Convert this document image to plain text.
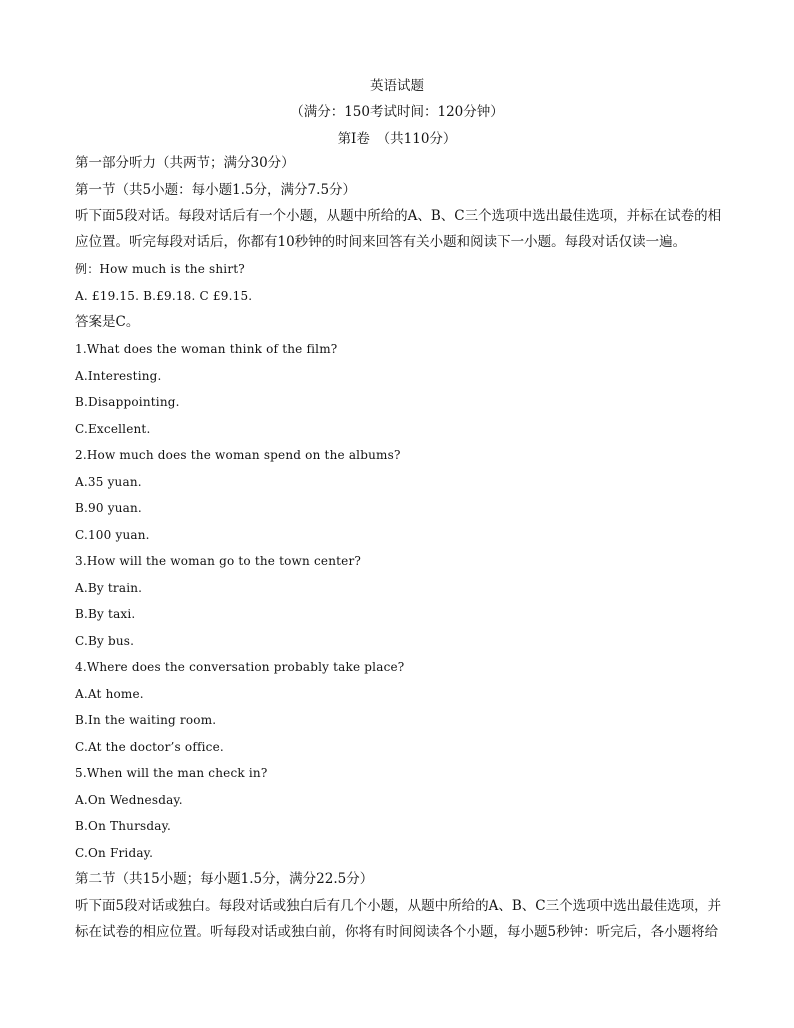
英语试题
（满分：150考试时间：120分钟）
第I卷　（共110分）
第一部分听力（共两节；满分30分）
第一节（共5小题：每小题1.5分，满分7.5分）
听下面5段对话。每段对话后有一个小题，从题中所给的A、B、C三个选项中选出最佳选项，并标在试卷的相
应位置。听完每段对话后，你都有10秒钟的时间来回答有关小题和阅读下一小题。每段对话仅读一遍。
例：How much is the shirt?
A. £19.15. B.£9.18. C £9.15.
答案是C。
1.What does the woman think of the film?
A.Interesting.
B.Disappointing.
C.Excellent.
2.How much does the woman spend on the albums?
A.35 yuan.
B.90 yuan.
C.100 yuan.
3.How will the woman go to the town center?
A.By train.
B.By taxi.
C.By bus.
4.Where does the conversation probably take place?
A.At home.
B.In the waiting room.
C.At the doctor’s office.
5.When will the man check in?
A.On Wednesday.
B.On Thursday.
C.On Friday.
第二节（共15小题；每小题1.5分，满分22.5分）
听下面5段对话或独白。每段对话或独白后有几个小题，从题中所给的A、B、C三个选项中选出最佳选项，并
标在试卷的相应位置。听每段对话或独白前，你将有时间阅读各个小题，每小题5秒钟：听完后，各小题将给
